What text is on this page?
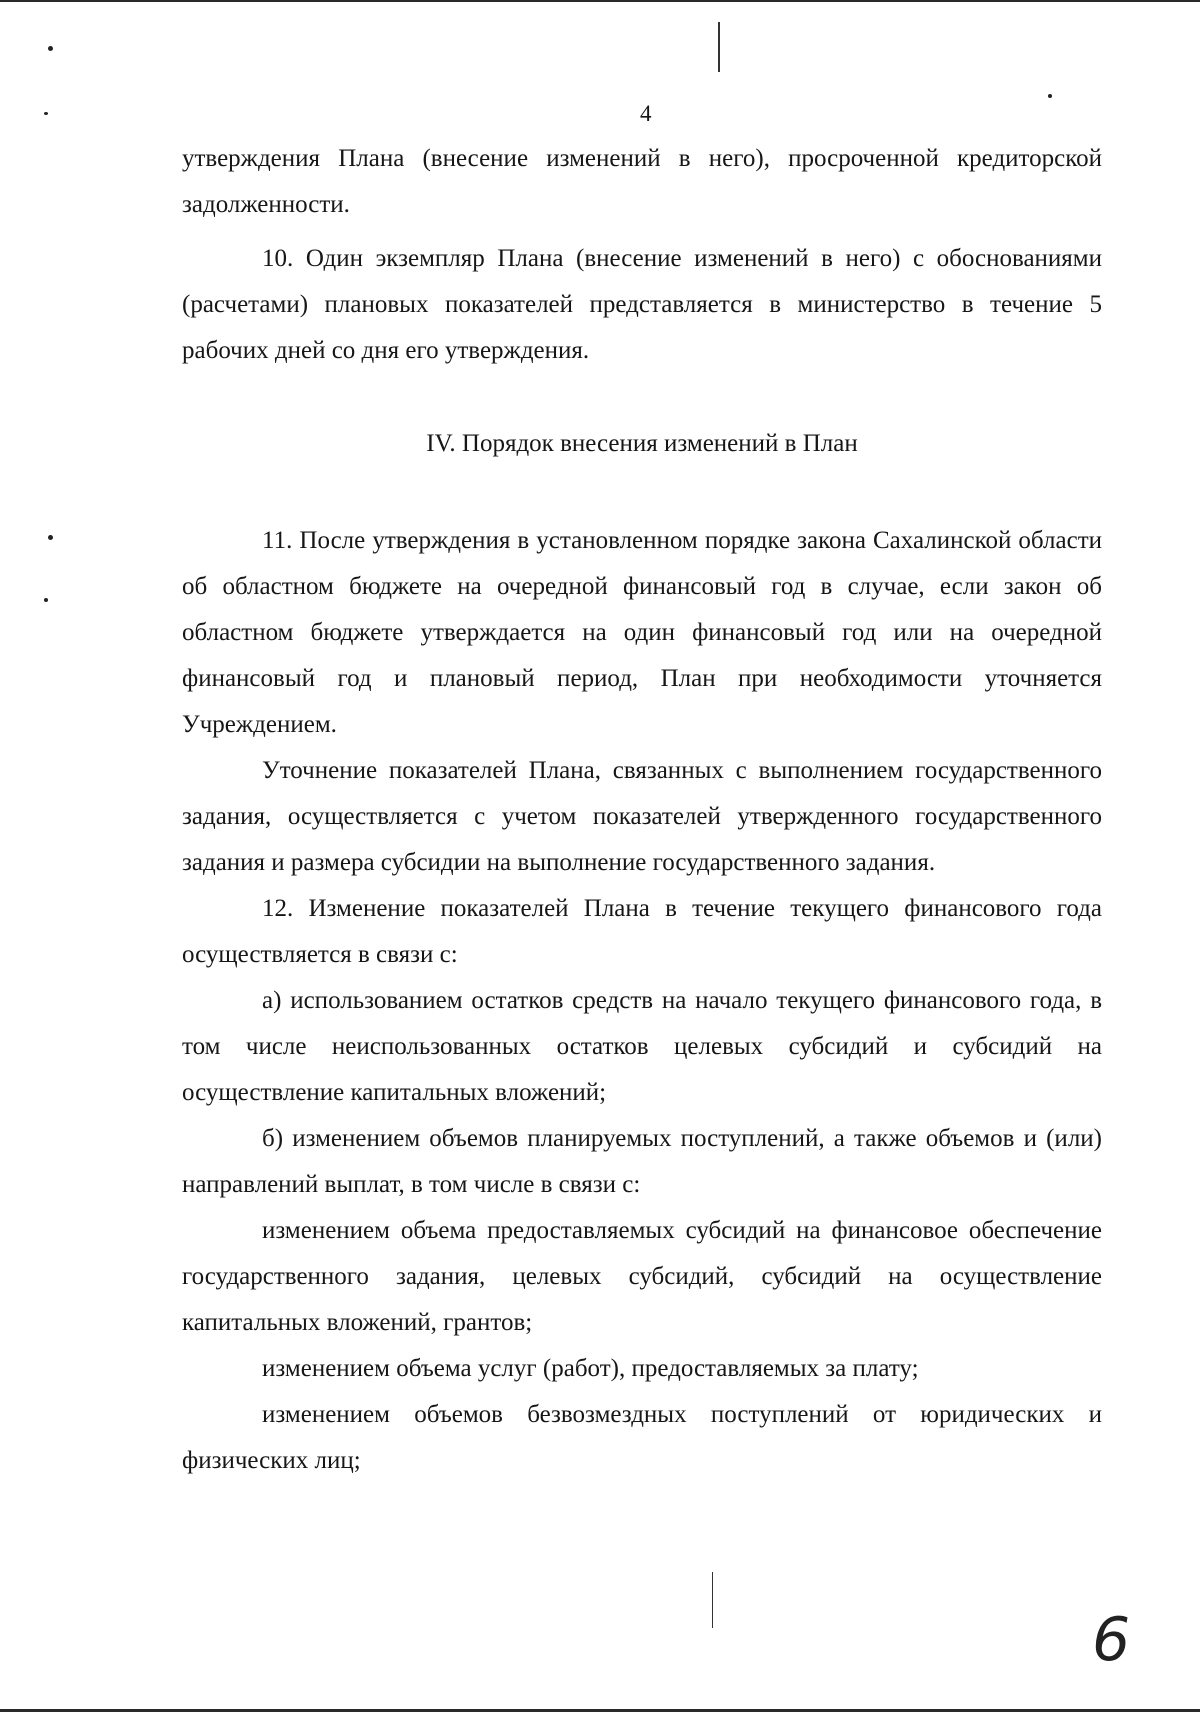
4

утверждения Плана (внесение изменений в него), просроченной кредиторской задолженности.

10. Один экземпляр Плана (внесение изменений в него) с обоснованиями (расчетами) плановых показателей представляется в министерство в течение 5 рабочих дней со дня его утверждения.

IV. Порядок внесения изменений в План

11. После утверждения в установленном порядке закона Сахалинской области об областном бюджете на очередной финансовый год в случае, если закон об областном бюджете утверждается на один финансовый год или на очередной финансовый год и плановый период, План при необходимости уточняется Учреждением.

Уточнение показателей Плана, связанных с выполнением государственного задания, осуществляется с учетом показателей утвержденного государственного задания и размера субсидии на выполнение государственного задания.

12. Изменение показателей Плана в течение текущего финансового года осуществляется в связи с:

а) использованием остатков средств на начало текущего финансового года, в том числе неиспользованных остатков целевых субсидий и субсидий на осуществление капитальных вложений;

б) изменением объемов планируемых поступлений, а также объемов и (или) направлений выплат, в том числе в связи с:

изменением объема предоставляемых субсидий на финансовое обеспечение государственного задания, целевых субсидий, субсидий на осуществление капитальных вложений, грантов;

изменением объема услуг (работ), предоставляемых за плату;

изменением объемов безвозмездных поступлений от юридических и физических лиц;

6
